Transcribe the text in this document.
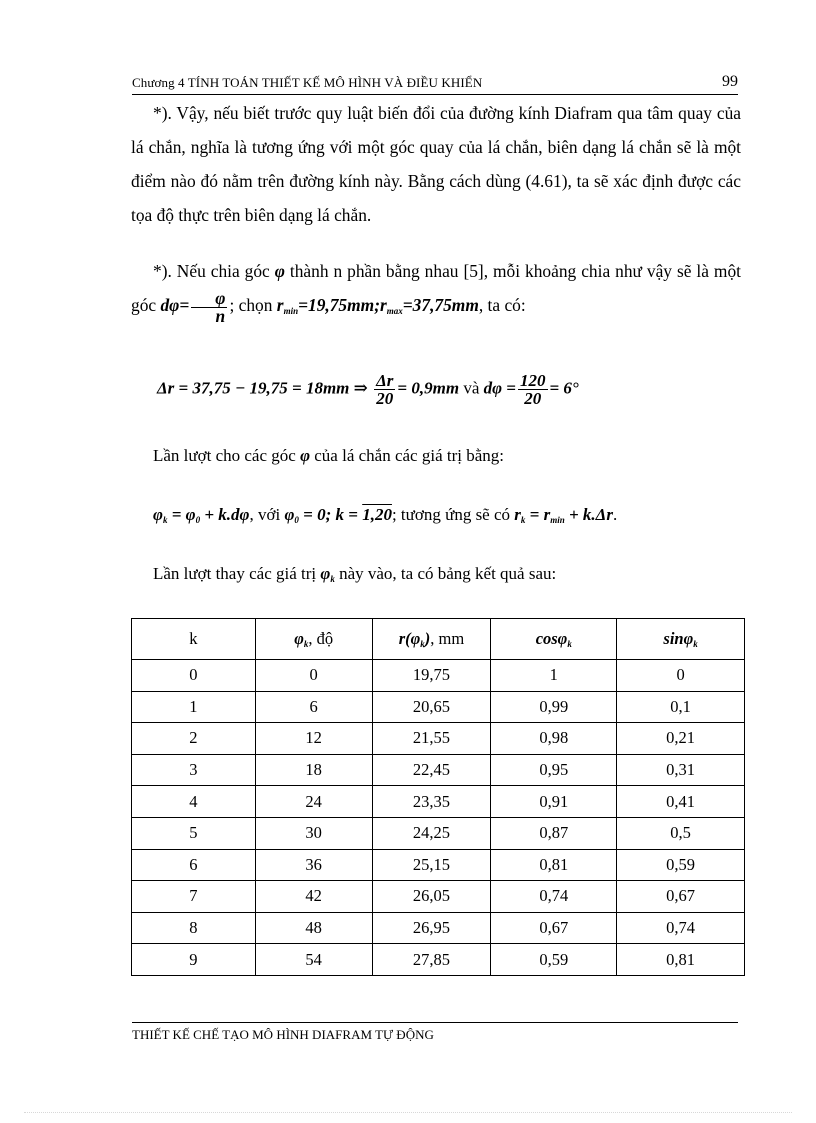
Chương 4 TÍNH TOÁN THIẾT KẾ MÔ HÌNH VÀ ĐIỀU KHIỂN	99
*). Vậy, nếu biết trước quy luật biến đổi của đường kính Diafram qua tâm quay của lá chắn, nghĩa là tương ứng với một góc quay của lá chắn, biên dạng lá chắn sẽ là một điểm nào đó nằm trên đường kính này. Bằng cách dùng (4.61), ta sẽ xác định được các tọa độ thực trên biên dạng lá chắn.
*). Nếu chia góc φ thành n phần bằng nhau [5], mỗi khoảng chia như vậy sẽ là một góc $d\varphi= \frac{\varphi}{n}$ ; chọn $r_{min}=19,75mm;r_{max}=37,75mm$, ta có:
Δr = 37,75 − 19,75 = 18mm ⇒ $\frac{\Delta r}{20} = 0,9mm$ và $d\varphi = \frac{120}{20} = 6^\circ$
Lần lượt cho các góc φ của lá chắn các giá trị bằng:
$\varphi_k = \varphi_0 + k.d\varphi$, với $\varphi_0 = 0$; k = 1,20; tương ứng sẽ có $r_k = r_{min} + k.\Delta r$.
Lần lượt thay các giá trị $\varphi_k$ này vào, ta có bảng kết quả sau:
k	$\varphi_k$, độ	$r(\varphi_k)$, mm	cosφ$_k$	sinφ$_k$
0	0	19,75	1	0
1	6	20,65	0,99	0,1
2	12	21,55	0,98	0,21
3	18	22,45	0,95	0,31
4	24	23,35	0,91	0,41
5	30	24,25	0,87	0,5
6	36	25,15	0,81	0,59
7	42	26,05	0,74	0,67
8	48	26,95	0,67	0,74
9	54	27,85	0,59	0,81
THIẾT KẾ CHẾ TẠO MÔ HÌNH DIAFRAM TỰ ĐỘNG
